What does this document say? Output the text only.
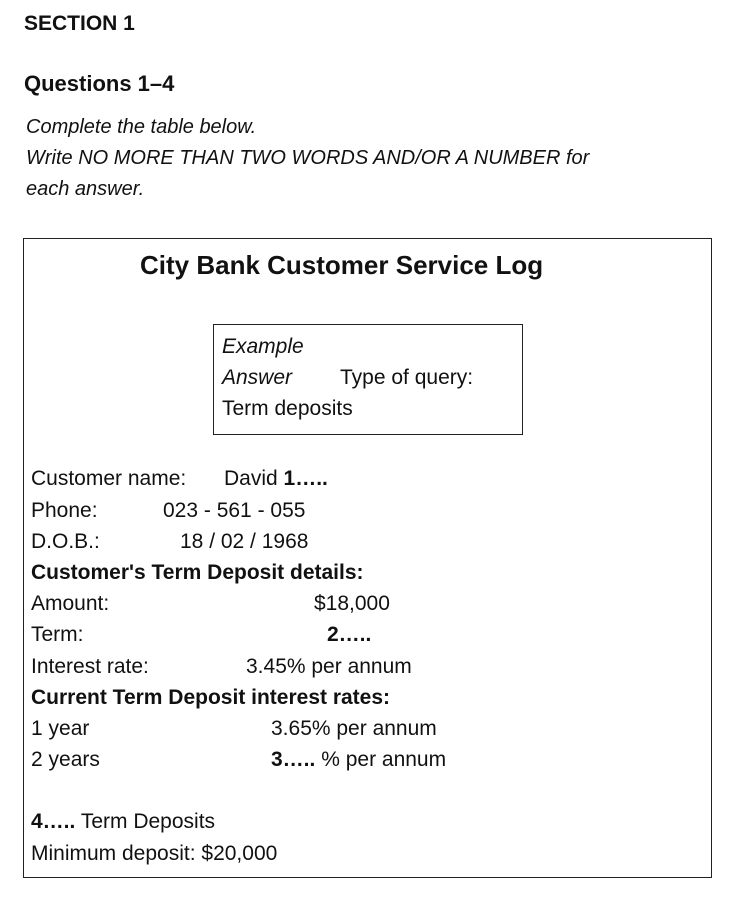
SECTION 1
Questions 1–4
Complete the table below.
Write NO MORE THAN TWO WORDS AND/OR A NUMBER for
each answer.
City Bank Customer Service Log
Example
Answer Type of query:
Term deposits
Customer name: David 1…..
Phone:	023 - 561 - 055
D.O.B.:	18 / 02 / 1968
Customer's Term Deposit details:
Amount:	$18,000
Term:	2…..
Interest rate:	3.45% per annum
Current Term Deposit interest rates:
1 year	3.65% per annum
2 years	3….. % per annum
4….. Term Deposits
Minimum deposit: $20,000
